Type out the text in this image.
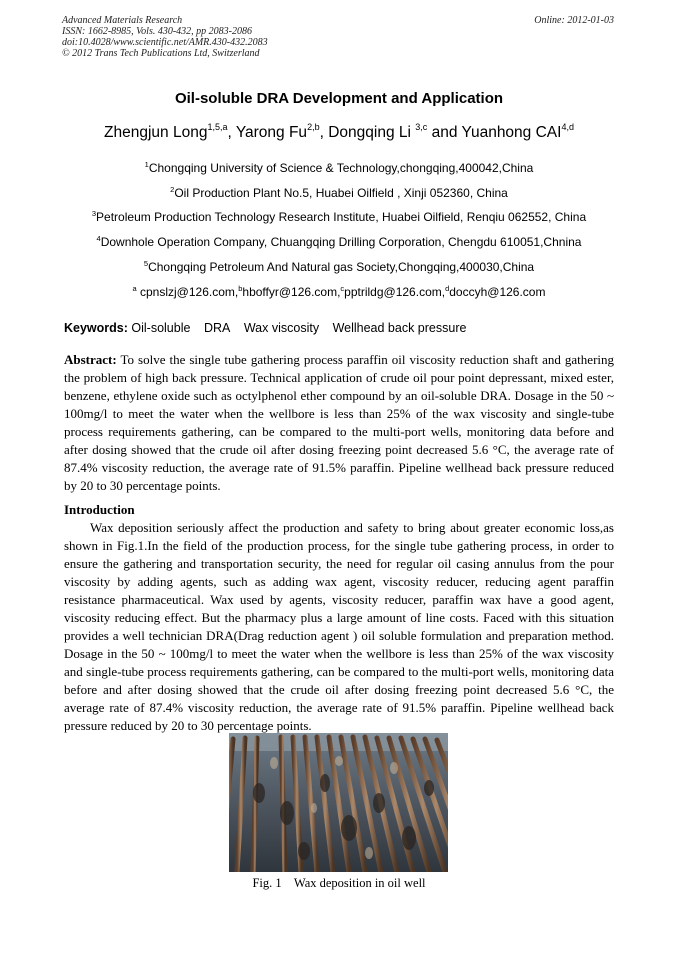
Advanced Materials Research
ISSN: 1662-8985, Vols. 430-432, pp 2083-2086
doi:10.4028/www.scientific.net/AMR.430-432.2083
© 2012 Trans Tech Publications Ltd, Switzerland
Online: 2012-01-03
Oil-soluble DRA Development and Application
Zhengjun Long$^{1,5,a}$, Yarong Fu$^{2,b}$, Dongqing Li $^{3,c}$ and Yuanhong CAI$^{4,d}$
$^1$Chongqing University of Science & Technology,chongqing,400042,China
$^2$Oil Production Plant No.5, Huabei Oilfield , Xinji 052360, China
$^3$Petroleum Production Technology Research Institute, Huabei Oilfield, Renqiu 062552, China
$^4$Downhole Operation Company, Chuangqing Drilling Corporation, Chengdu 610051,Chnina
$^5$Chongqing Petroleum And Natural gas Society,Chongqing,400030,China
$^a$ cpnslzj@126.com,$^b$hboffyr@126.com,$^c$pptrildg@126.com,$^d$doccyh@126.com
Keywords: Oil-soluble DRA Wax viscosity Wellhead back pressure
Abstract: To solve the single tube gathering process paraffin oil viscosity reduction shaft and gathering the problem of high back pressure. Technical application of crude oil pour point depressant, mixed ester, benzene, ethylene oxide such as octylphenol ether compound by an oil-soluble DRA. Dosage in the 50 ~ 100mg/l to meet the water when the wellbore is less than 25% of the wax viscosity and single-tube process requirements gathering, can be compared to the multi-port wells, monitoring data before and after dosing showed that the crude oil after dosing freezing point decreased 5.6 °C, the average rate of 87.4% viscosity reduction, the average rate of 91.5% paraffin. Pipeline wellhead back pressure reduced by 20 to 30 percentage points.
Introduction
Wax deposition seriously affect the production and safety to bring about greater economic loss,as shown in Fig.1.In the field of the production process, for the single tube gathering process, in order to ensure the gathering and transportation security, the need for regular oil casing annulus from the pour viscosity by adding agents, such as adding wax agent, viscosity reducer, reducing agent paraffin resistance pharmaceutical. Wax used by agents, viscosity reducer, paraffin wax have a good agent, viscosity reducing effect. But the pharmacy plus a large amount of line costs. Faced with this situation provides a well technician DRA(Drag reduction agent ) oil soluble formulation and preparation method. Dosage in the 50 ~ 100mg/l to meet the water when the wellbore is less than 25% of the wax viscosity and single-tube process requirements gathering, can be compared to the multi-port wells, monitoring data before and after dosing showed that the crude oil after dosing freezing point decreased 5.6 °C, the average rate of 87.4% viscosity reduction, the average rate of 91.5% paraffin. Pipeline wellhead back pressure reduced by 20 to 30 percentage points.
Fig. 1    Wax deposition in oil well
